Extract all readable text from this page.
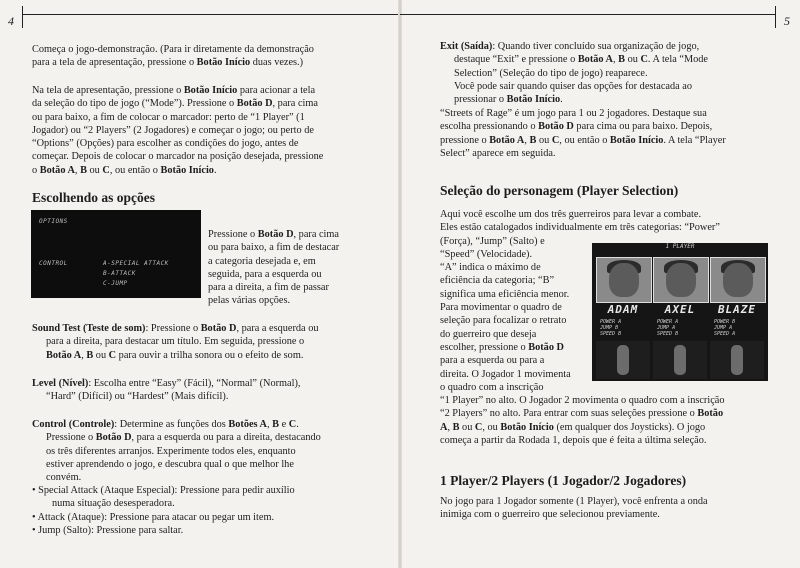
4
Começa o jogo-demonstração. (Para ir diretamente da demonstração
para a tela de apresentação, pressione o Botão Início duas vezes.)
Na tela de apresentação, pressione o Botão Início para acionar a tela
da seleção do tipo de jogo (“Mode”). Pressione o Botão D, para cima
ou para baixo, a fim de colocar o marcador: perto de “1 Player” (1
Jogador) ou “2 Players” (2 Jogadores) e começar o jogo; ou perto de
“Options” (Opções) para escolher as condições do jogo, antes de
começar. Depois de colocar o marcador na posição desejada, pressione
o Botão A, B ou C, ou então o Botão Início.
Escolhendo as opções
OPTIONS
CONTROL	A-SPECIAL ATTACK
B-ATTACK
C-JUMP
Pressione o Botão D, para cima
ou para baixo, a fim de destacar
a categoria desejada e, em
seguida, para a esquerda ou
para a direita, a fim de passar
pelas várias opções.
Sound Test (Teste de som): Pressione o Botão D, para a esquerda ou
para a direita, para destacar um título. Em seguida, pressione o
Botão A, B ou C para ouvir a trilha sonora ou o efeito de som.
Level (Nível): Escolha entre “Easy” (Fácil), “Normal” (Normal),
“Hard” (Difícil) ou “Hardest” (Mais difícil).
Control (Controle): Determine as funções dos Botões A, B e C.
Pressione o Botão D, para a esquerda ou para a direita, destacando
os três diferentes arranjos. Experimente todos eles, enquanto
estiver aprendendo o jogo, e descubra qual o que melhor lhe
convém.
• Special Attack (Ataque Especial): Pressione para pedir auxílio
numa situação desesperadora.
• Attack (Ataque): Pressione para atacar ou pegar um item.
• Jump (Salto): Pressione para saltar.
5
Exit (Saída): Quando tiver concluído sua organização de jogo,
destaque “Exit” e pressione o Botão A, B ou C. A tela “Mode
Selection” (Seleção do tipo de jogo) reaparece.
Você pode sair quando quiser das opções for destacada ao
pressionar o Botão Início.
“Streets of Rage” é um jogo para 1 ou 2 jogadores. Destaque sua
escolha pressionando o Botão D para cima ou para baixo. Depois,
pressione o Botão A, B ou C, ou então o Botão Início. A tela “Player
Select” aparece em seguida.
Seleção do personagem (Player Selection)
Aqui você escolhe um dos três guerreiros para levar a combate.
Eles estão catalogados individualmente em três categorias: “Power”
(Força), “Jump” (Salto) e
“Speed” (Velocidade).
“A” indica o máximo de
eficiência da categoria; “B”
significa uma eficiência menor.
Para movimentar o quadro de
seleção para focalizar o retrato
do guerreiro que deseja
escolher, pressione o Botão D
para a esquerda ou para a
direita. O Jogador 1 movimenta
o quadro com a inscrição
“1 Player” no alto. O Jogador 2 movimenta o quadro com a inscrição
“2 Players” no alto. Para entrar com suas seleções pressione o Botão
A, B ou C, ou Botão Início (em qualquer dos Joysticks). O jogo
começa a partir da Rodada 1, depois que é feita a última seleção.
1 Player/2 Players (1 Jogador/2 Jogadores)
No jogo para 1 Jogador somente (1 Player), você enfrenta a onda
inimiga com o guerreiro que selecionou previamente.
1 PLAYER
ADAM	AXEL	BLAZE
POWER A
JUMP B
SPEED B
POWER A
JUMP A
SPEED B
POWER B
JUMP A
SPEED A
